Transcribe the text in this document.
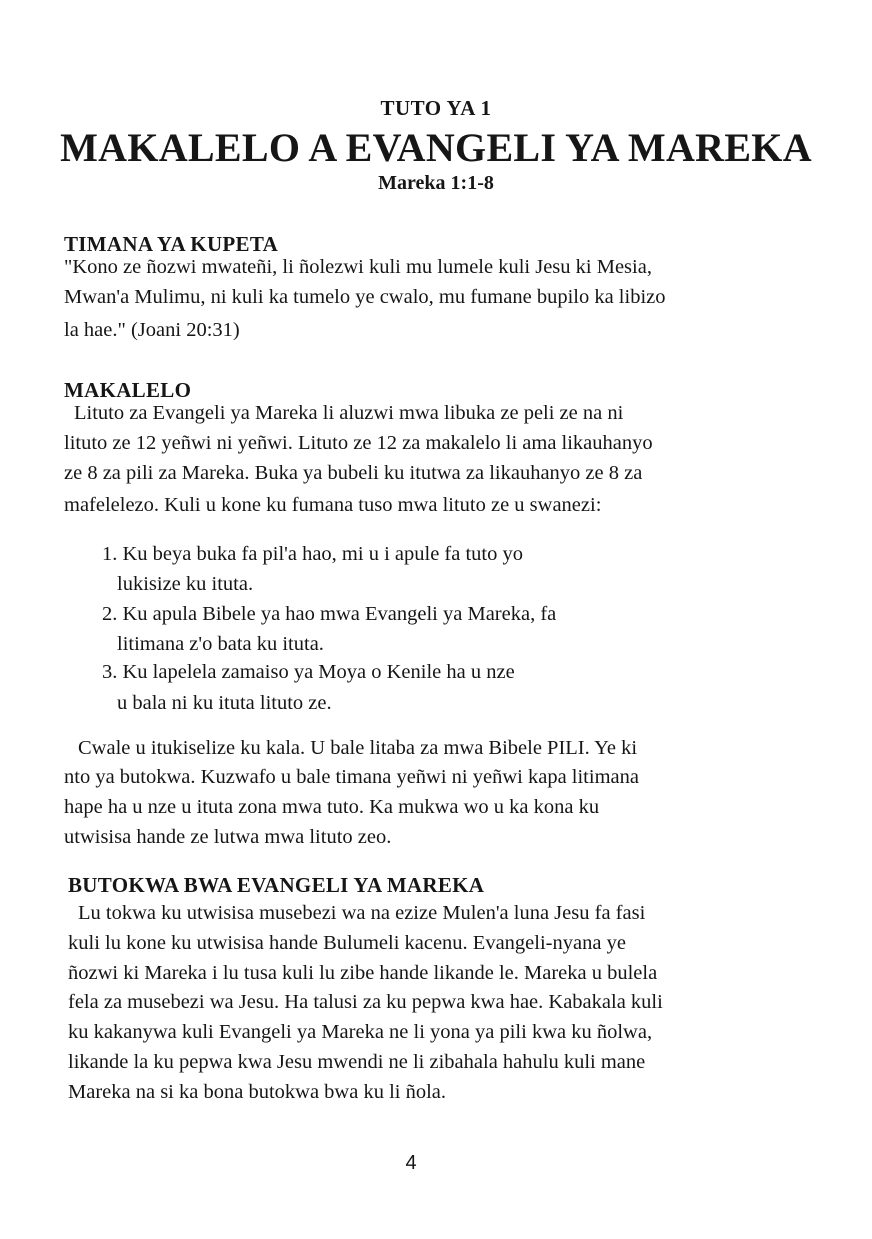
TUTO YA 1
MAKALELO A EVANGELI YA MAREKA
Mareka 1:1-8
TIMANA YA KUPETA
"Kono ze ñozwi mwateñi, li ñolezwi kuli mu lumele kuli Jesu ki Mesia,
Mwan'a Mulimu, ni kuli ka tumelo ye cwalo, mu fumane bupilo ka libizo
la hae." (Joani 20:31)
MAKALELO
Lituto za Evangeli ya Mareka li aluzwi mwa libuka ze peli ze na ni
lituto ze 12 yeñwi ni yeñwi. Lituto ze 12 za makalelo li ama likauhanyo
ze 8 za pili za Mareka. Buka ya bubeli ku itutwa za likauhanyo ze 8 za
mafelelezo. Kuli u kone ku fumana tuso mwa lituto ze u swanezi:
1. Ku beya buka fa pil'a hao, mi u i apule fa tuto yo
lukisize ku ituta.
2. Ku apula Bibele ya hao mwa Evangeli ya Mareka, fa
litimana z'o bata ku ituta.
3. Ku lapelela zamaiso ya Moya o Kenile ha u nze
u bala ni ku ituta lituto ze.
Cwale u itukiselize ku kala. U bale litaba za mwa Bibele PILI. Ye ki
nto ya butokwa. Kuzwafo u bale timana yeñwi ni yeñwi kapa litimana
hape ha u nze u ituta zona mwa tuto. Ka mukwa wo u ka kona ku
utwisisa hande ze lutwa mwa lituto zeo.
BUTOKWA BWA EVANGELI YA MAREKA
Lu tokwa ku utwisisa musebezi wa na ezize Mulen'a luna Jesu fa fasi
kuli lu kone ku utwisisa hande Bulumeli kacenu. Evangeli-nyana ye
ñozwi ki Mareka i lu tusa kuli lu zibe hande likande le. Mareka u bulela
fela za musebezi wa Jesu. Ha talusi za ku pepwa kwa hae. Kabakala kuli
ku kakanywa kuli Evangeli ya Mareka ne li yona ya pili kwa ku ñolwa,
likande la ku pepwa kwa Jesu mwendi ne li zibahala hahulu kuli mane
Mareka na si ka bona butokwa bwa ku li ñola.
4
